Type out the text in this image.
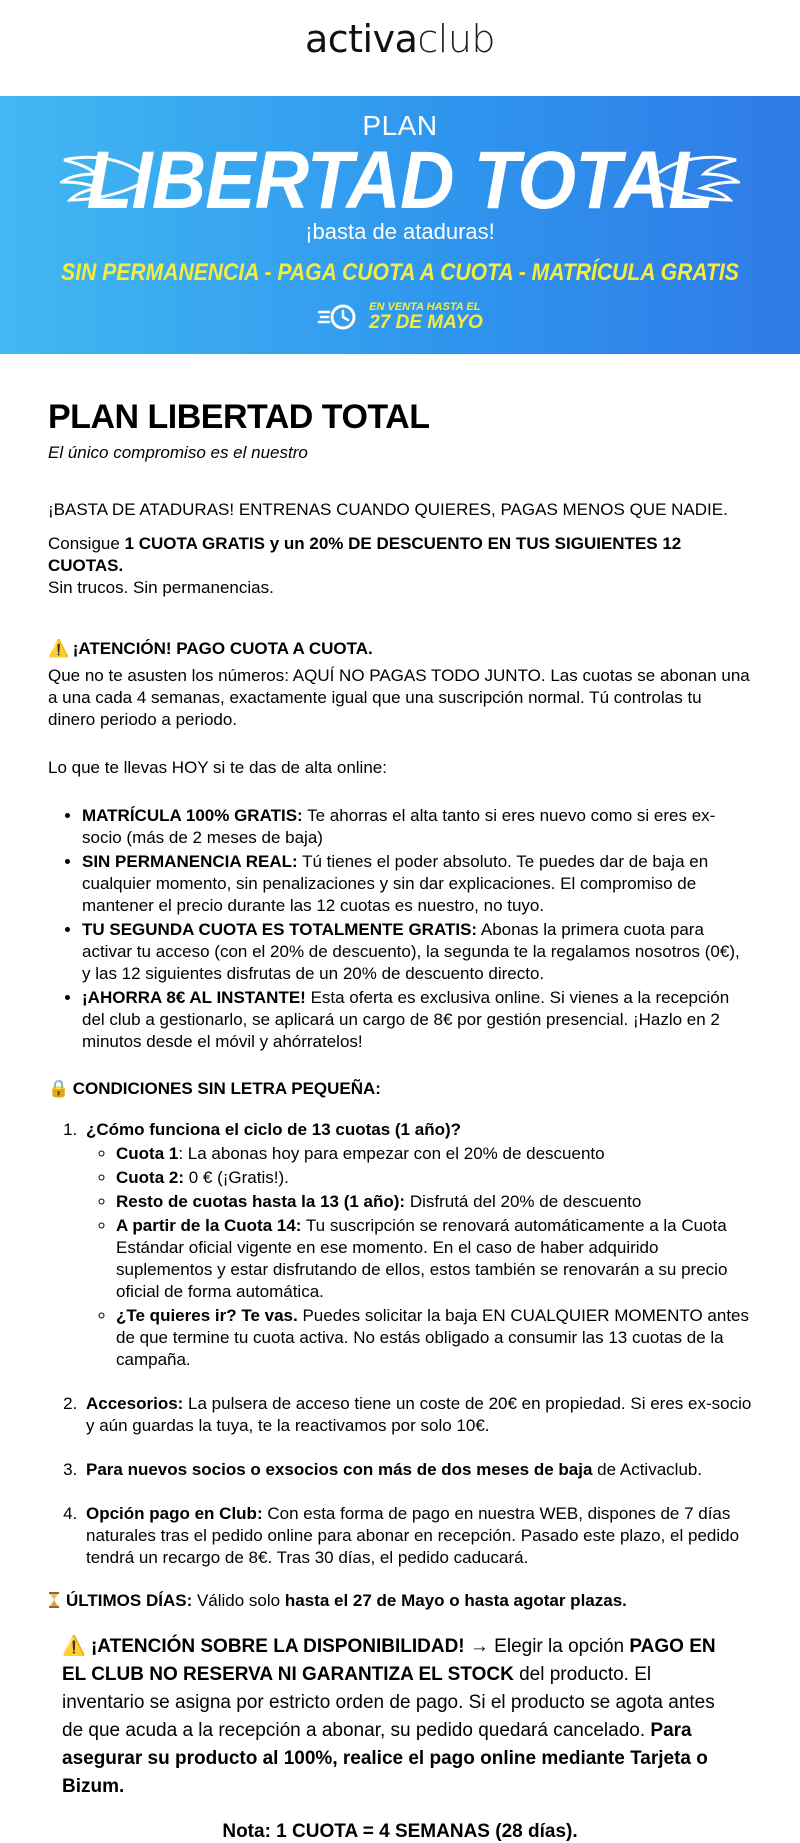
activaclub
PLAN
LIBERTAD TOTAL
¡basta de ataduras!
SIN PERMANENCIA - PAGA CUOTA A CUOTA - MATRÍCULA GRATIS
EN VENTA HASTA EL
27 DE MAYO
PLAN LIBERTAD TOTAL
El único compromiso es el nuestro

¡BASTA DE ATADURAS! ENTRENAS CUANDO QUIERES, PAGAS MENOS QUE NADIE.

Consigue 1 CUOTA GRATIS y un 20% DE DESCUENTO EN TUS SIGUIENTES 12 CUOTAS.
Sin trucos. Sin permanencias.

⚠️ ¡ATENCIÓN! PAGO CUOTA A CUOTA.

Que no te asusten los números: AQUÍ NO PAGAS TODO JUNTO. Las cuotas se abonan una a una cada 4 semanas, exactamente igual que una suscripción normal. Tú controlas tu dinero periodo a periodo.

Lo que te llevas HOY si te das de alta online:

• MATRÍCULA 100% GRATIS: Te ahorras el alta tanto si eres nuevo como si eres ex-socio (más de 2 meses de baja)
• SIN PERMANENCIA REAL: Tú tienes el poder absoluto. Te puedes dar de baja en cualquier momento, sin penalizaciones y sin dar explicaciones. El compromiso de mantener el precio durante las 12 cuotas es nuestro, no tuyo.
• TU SEGUNDA CUOTA ES TOTALMENTE GRATIS: Abonas la primera cuota para activar tu acceso (con el 20% de descuento), la segunda te la regalamos nosotros (0€), y las 12 siguientes disfrutas de un 20% de descuento directo.
• ¡AHORRA 8€ AL INSTANTE! Esta oferta es exclusiva online. Si vienes a la recepción del club a gestionarlo, se aplicará un cargo de 8€ por gestión presencial. ¡Hazlo en 2 minutos desde el móvil y ahórratelos!
🔒 CONDICIONES SIN LETRA PEQUEÑA:
1. ¿Cómo funciona el ciclo de 13 cuotas (1 año)?
◦ Cuota 1: La abonas hoy para empezar con el 20% de descuento
◦ Cuota 2: 0 € (¡Gratis!).
◦ Resto de cuotas hasta la 13 (1 año): Disfrutá del 20% de descuento
◦ A partir de la Cuota 14: Tu suscripción se renovará automáticamente a la Cuota Estándar oficial vigente en ese momento. En el caso de haber adquirido suplementos y estar disfrutando de ellos, estos también se renovarán a su precio oficial de forma automática.
◦ ¿Te quieres ir? Te vas. Puedes solicitar la baja EN CUALQUIER MOMENTO antes de que termine tu cuota activa. No estás obligado a consumir las 13 cuotas de la campaña.
2. Accesorios: La pulsera de acceso tiene un coste de 20€ en propiedad. Si eres ex-socio y aún guardas la tuya, te la reactivamos por solo 10€.
3. Para nuevos socios o exsocios con más de dos meses de baja de Activaclub.
4. Opción pago en Club: Con esta forma de pago en nuestra WEB, dispones de 7 días naturales tras el pedido online para abonar en recepción. Pasado este plazo, el pedido tendrá un recargo de 8€. Tras 30 días, el pedido caducará.
ÚLTIMOS DÍAS: Válido solo hasta el 27 de Mayo o hasta agotar plazas.
⚠️ ¡ATENCIÓN SOBRE LA DISPONIBILIDAD! → Elegir la opción PAGO EN EL CLUB NO RESERVA NI GARANTIZA EL STOCK del producto. El inventario se asigna por estricto orden de pago. Si el producto se agota antes de que acuda a la recepción a abonar, su pedido quedará cancelado. Para asegurar su producto al 100%, realice el pago online mediante Tarjeta o Bizum.
Nota: 1 CUOTA = 4 SEMANAS (28 días).
